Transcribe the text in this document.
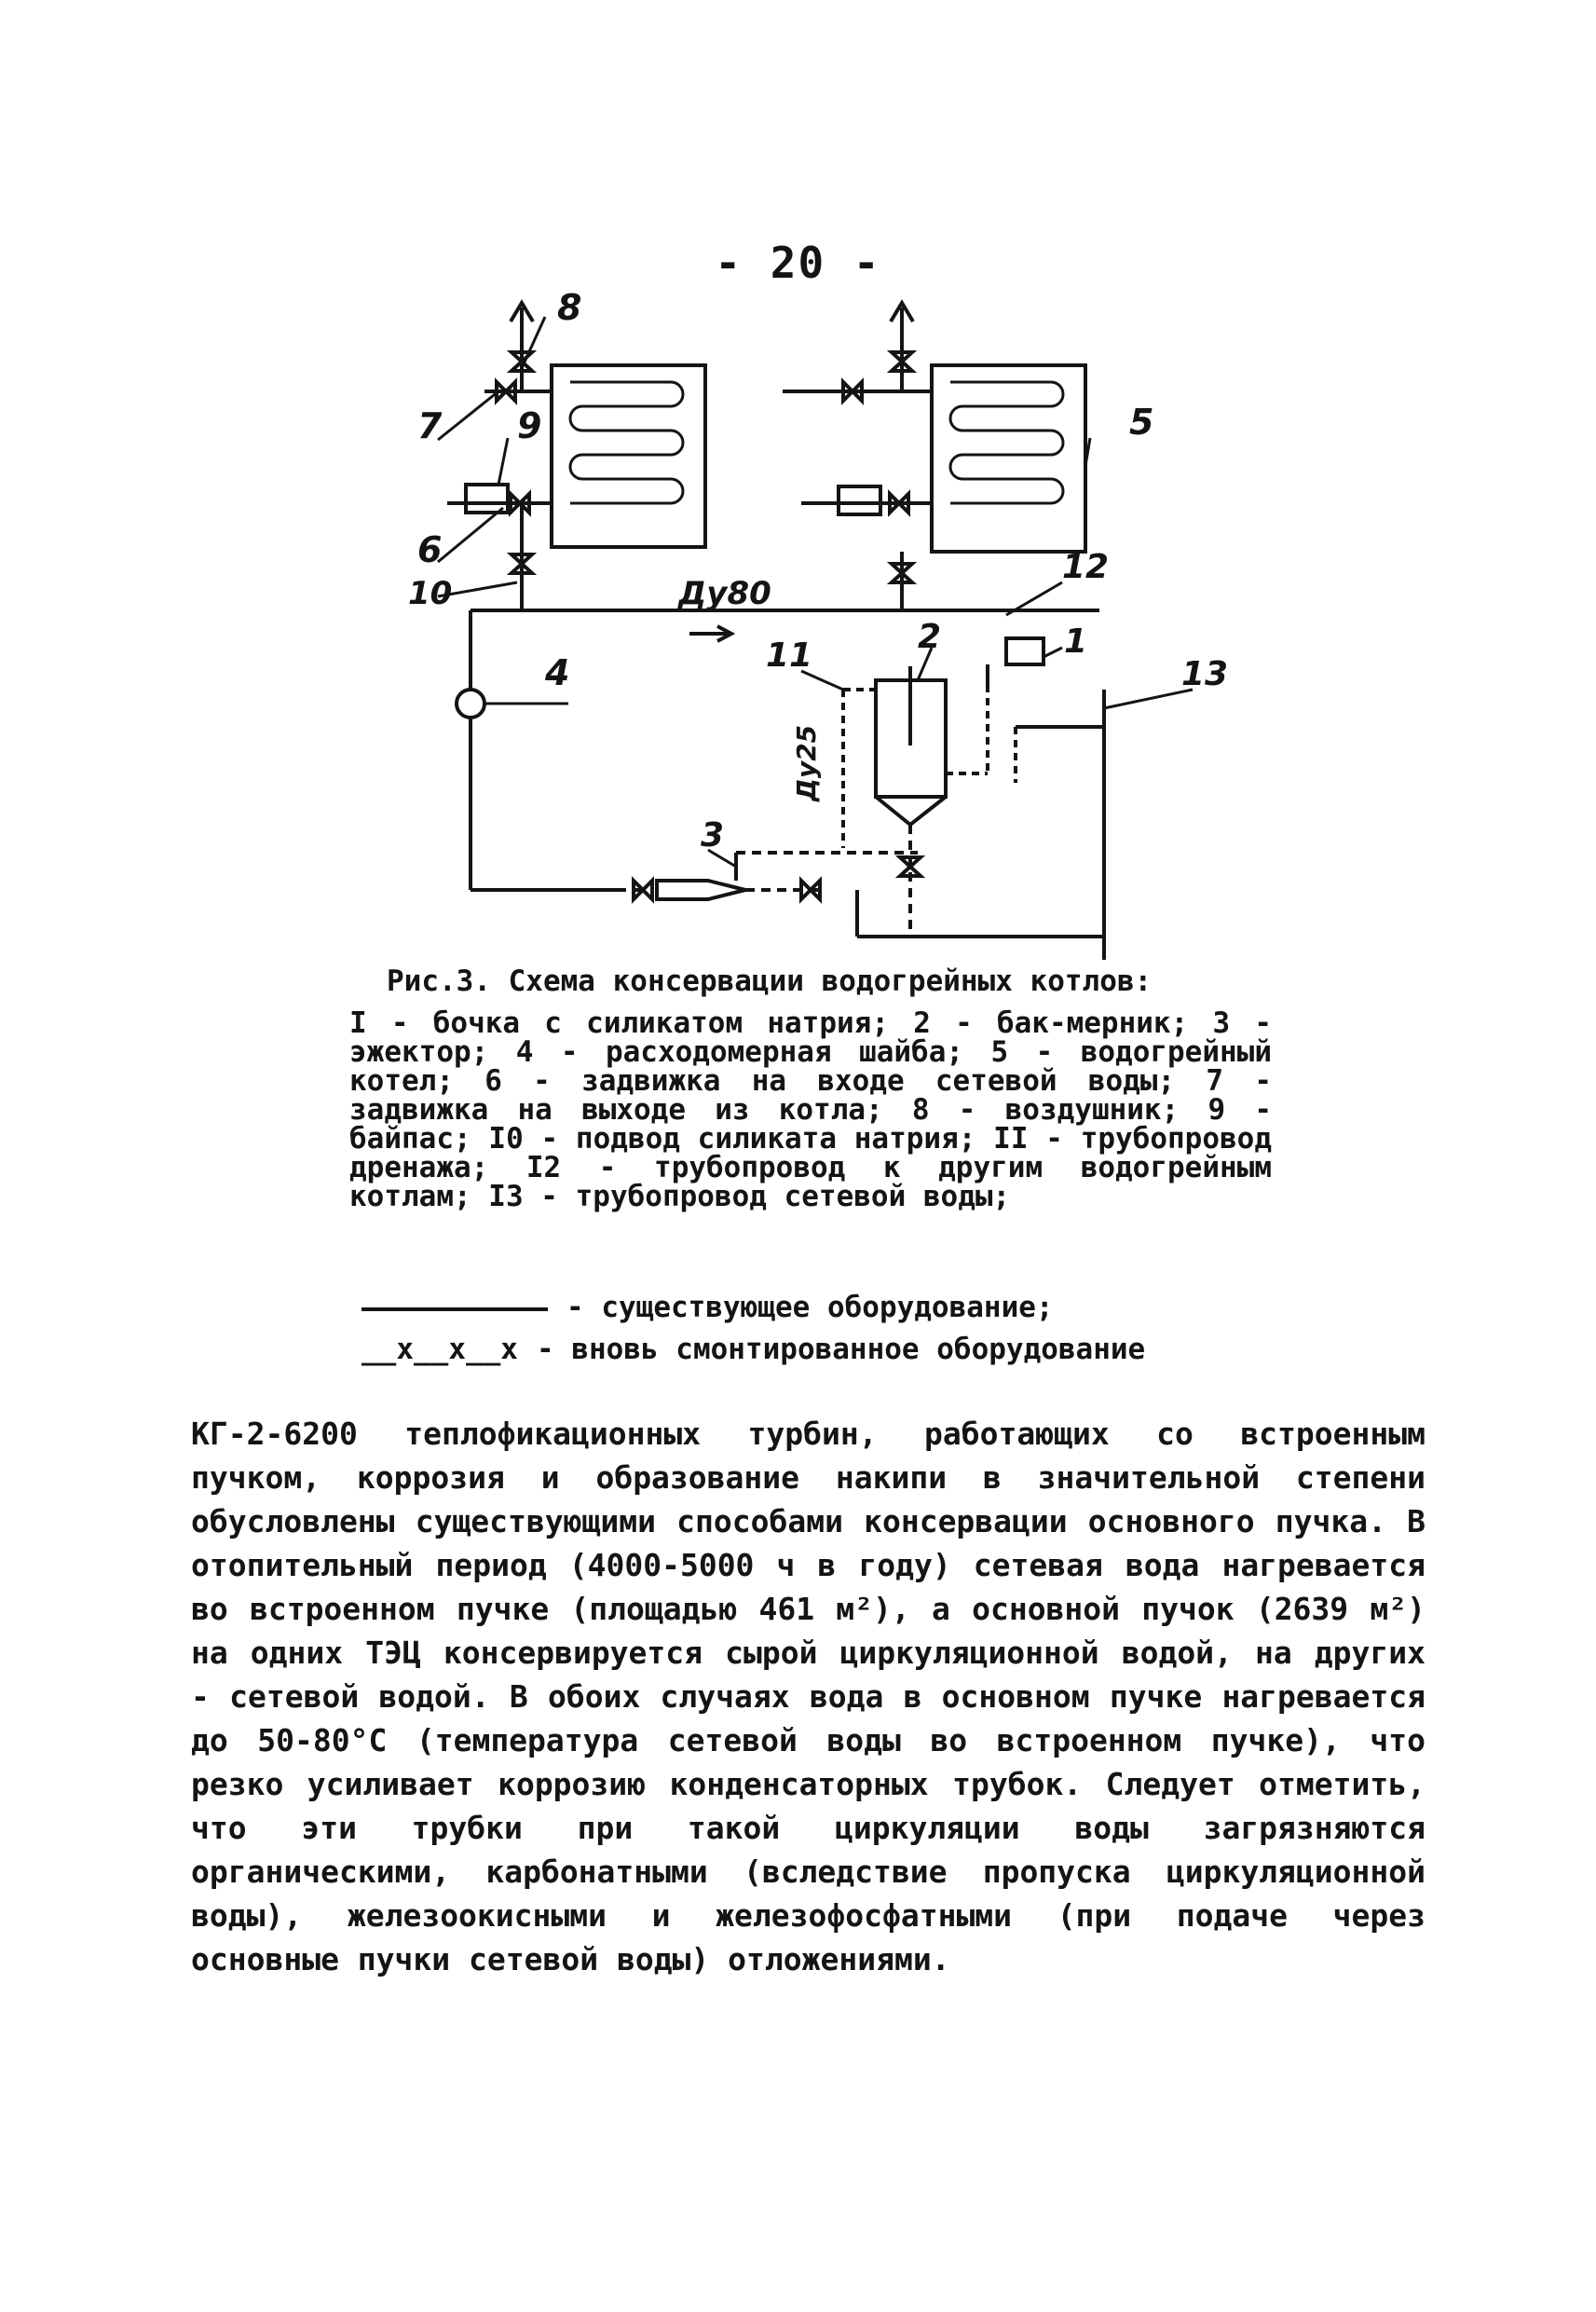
- 20 -
8
7 9
6
10
5
12
Ду80
4	11	2	1
13
3
Ду25
Рис.3. Схема консервации водогрейных котлов:
I - бочка с силикатом натрия; 2 - бак-мерник; 3 - эжектор; 4 - расходомерная шайба; 5 - водогрейный котел; 6 - задвижка на входе сетевой воды; 7 - задвижка на выходе из котла; 8 - воздушник; 9 - байпас; I0 - подвод силиката натрия; II - трубопровод дренажа; I2 - трубопровод к другим водогрейным котлам; I3 - трубопровод сетевой воды;
- существующее оборудование;
__x__x__x - вновь смонтированное оборудование

КГ-2-6200 теплофикационных турбин, работающих со встроенным пучком, коррозия и образование накипи в значительной степени обусловлены существующими способами консервации основного пучка. В отопительный период (4000-5000 ч в году) сетевая вода нагревается во встроенном пучке (площадью 461 м²), а основной пучок (2639 м²) на одних ТЭЦ консервируется сырой циркуляционной водой, на других - сетевой водой. В обоих случаях вода в основном пучке нагревается до 50-80°С (температура сетевой воды во встроенном пучке), что резко усиливает коррозию конденсаторных трубок. Следует отметить, что эти трубки при такой циркуляции воды загрязняются органическими, карбонатными (вследствие пропуска циркуляционной воды), железоокисными и железофосфатными (при подаче через основные пучки сетевой воды) отложениями.
